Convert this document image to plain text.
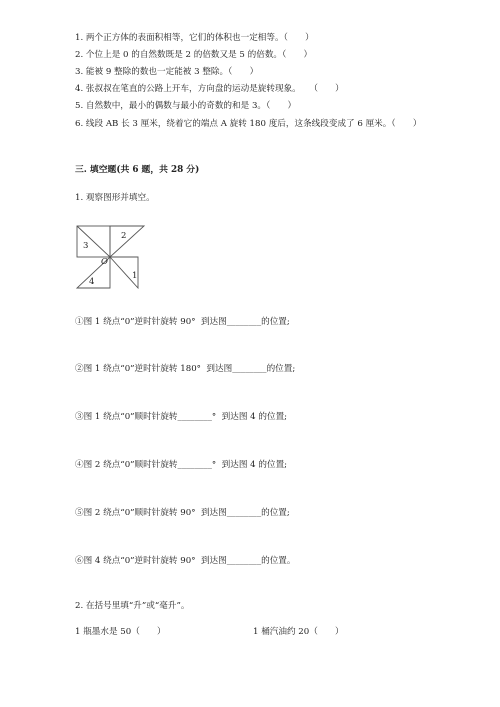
1. 两个正方体的表面积相等，它们的体积也一定相等。（　　）
2. 个位上是 0 的自然数既是 2 的倍数又是 5 的倍数。（　　）
3. 能被 9 整除的数也一定能被 3 整除。（　　）
4. 张叔叔在笔直的公路上开车，方向盘的运动是旋转现象。　　（　　）
5. 自然数中，最小的偶数与最小的奇数的和是 3。（　　）
6. 线段 AB 长 3 厘米，绕着它的端点 A 旋转 180 度后，这条线段变成了 6 厘米。（　　）
三. 填空题(共 6 题，共 28 分)
1. 观察图形并填空。
3
2
1
4
O
①图 1 绕点“0”逆时针旋转 90°  到达图________的位置;
②图 1 绕点“0”逆时针旋转 180°  到达图________的位置;
③图 1 绕点“0”顺时针旋转________°  到达图 4 的位置;
④图 2 绕点“0”顺时针旋转________°  到达图 4 的位置;
⑤图 2 绕点“0”顺时针旋转 90°  到达图________的位置;
⑥图 4 绕点“0”逆时针旋转 90°  到达图________的位置。
2. 在括号里填“升”或“毫升”。
1 瓶墨水是 50（　　）	1 桶汽油约 20（　　）
